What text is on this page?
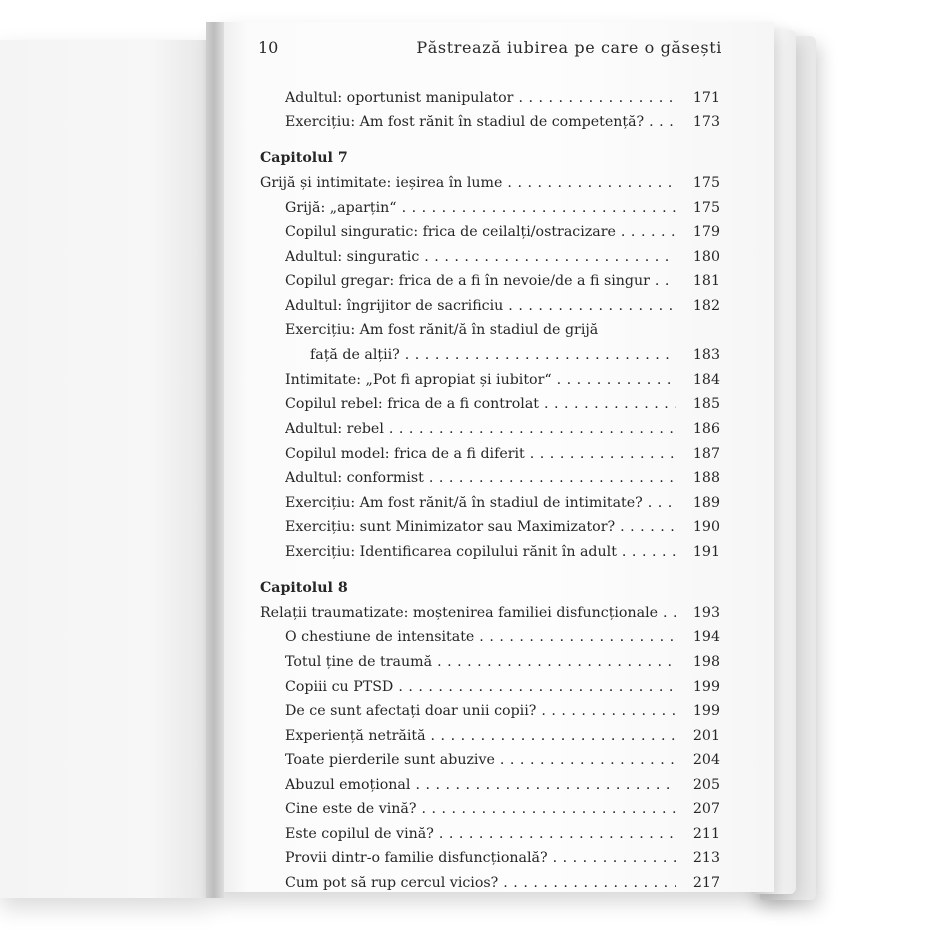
10	Păstrează iubirea pe care o găsești
Adultul: oportunist manipulator . . .	171
Exercițiu: Am fost rănit în stadiul de competență? . . .	173
Capitolul 7
Grijă și intimitate: ieșirea în lume . . .	175
Grijă: „aparțin“ . . .	175
Copilul singuratic: frica de ceilalți/ostracizare . . .	179
Adultul: singuratic . . .	180
Copilul gregar: frica de a fi în nevoie/de a fi singur . . .	181
Adultul: îngrijitor de sacrificiu . . .	182
Exercițiu: Am fost rănit/ă în stadiul de grijă
față de alții? . . .	183
Intimitate: „Pot fi apropiat și iubitor“ . . .	184
Copilul rebel: frica de a fi controlat . . .	185
Adultul: rebel . . .	186
Copilul model: frica de a fi diferit . . .	187
Adultul: conformist . . .	188
Exercițiu: Am fost rănit/ă în stadiul de intimitate? . . .	189
Exercițiu: sunt Minimizator sau Maximizator? . . .	190
Exercițiu: Identificarea copilului rănit în adult . . .	191
Capitolul 8
Relații traumatizate: moștenirea familiei disfuncționale . . .	193
O chestiune de intensitate . . .	194
Totul ține de traumă . . .	198
Copiii cu PTSD . . .	199
De ce sunt afectați doar unii copii? . . .	199
Experiență netrăită . . .	201
Toate pierderile sunt abuzive . . .	204
Abuzul emoțional . . .	205
Cine este de vină? . . .	207
Este copilul de vină? . . .	211
Provii dintr-o familie disfuncțională? . . .	213
Cum pot să rup cercul vicios? . . .	217
